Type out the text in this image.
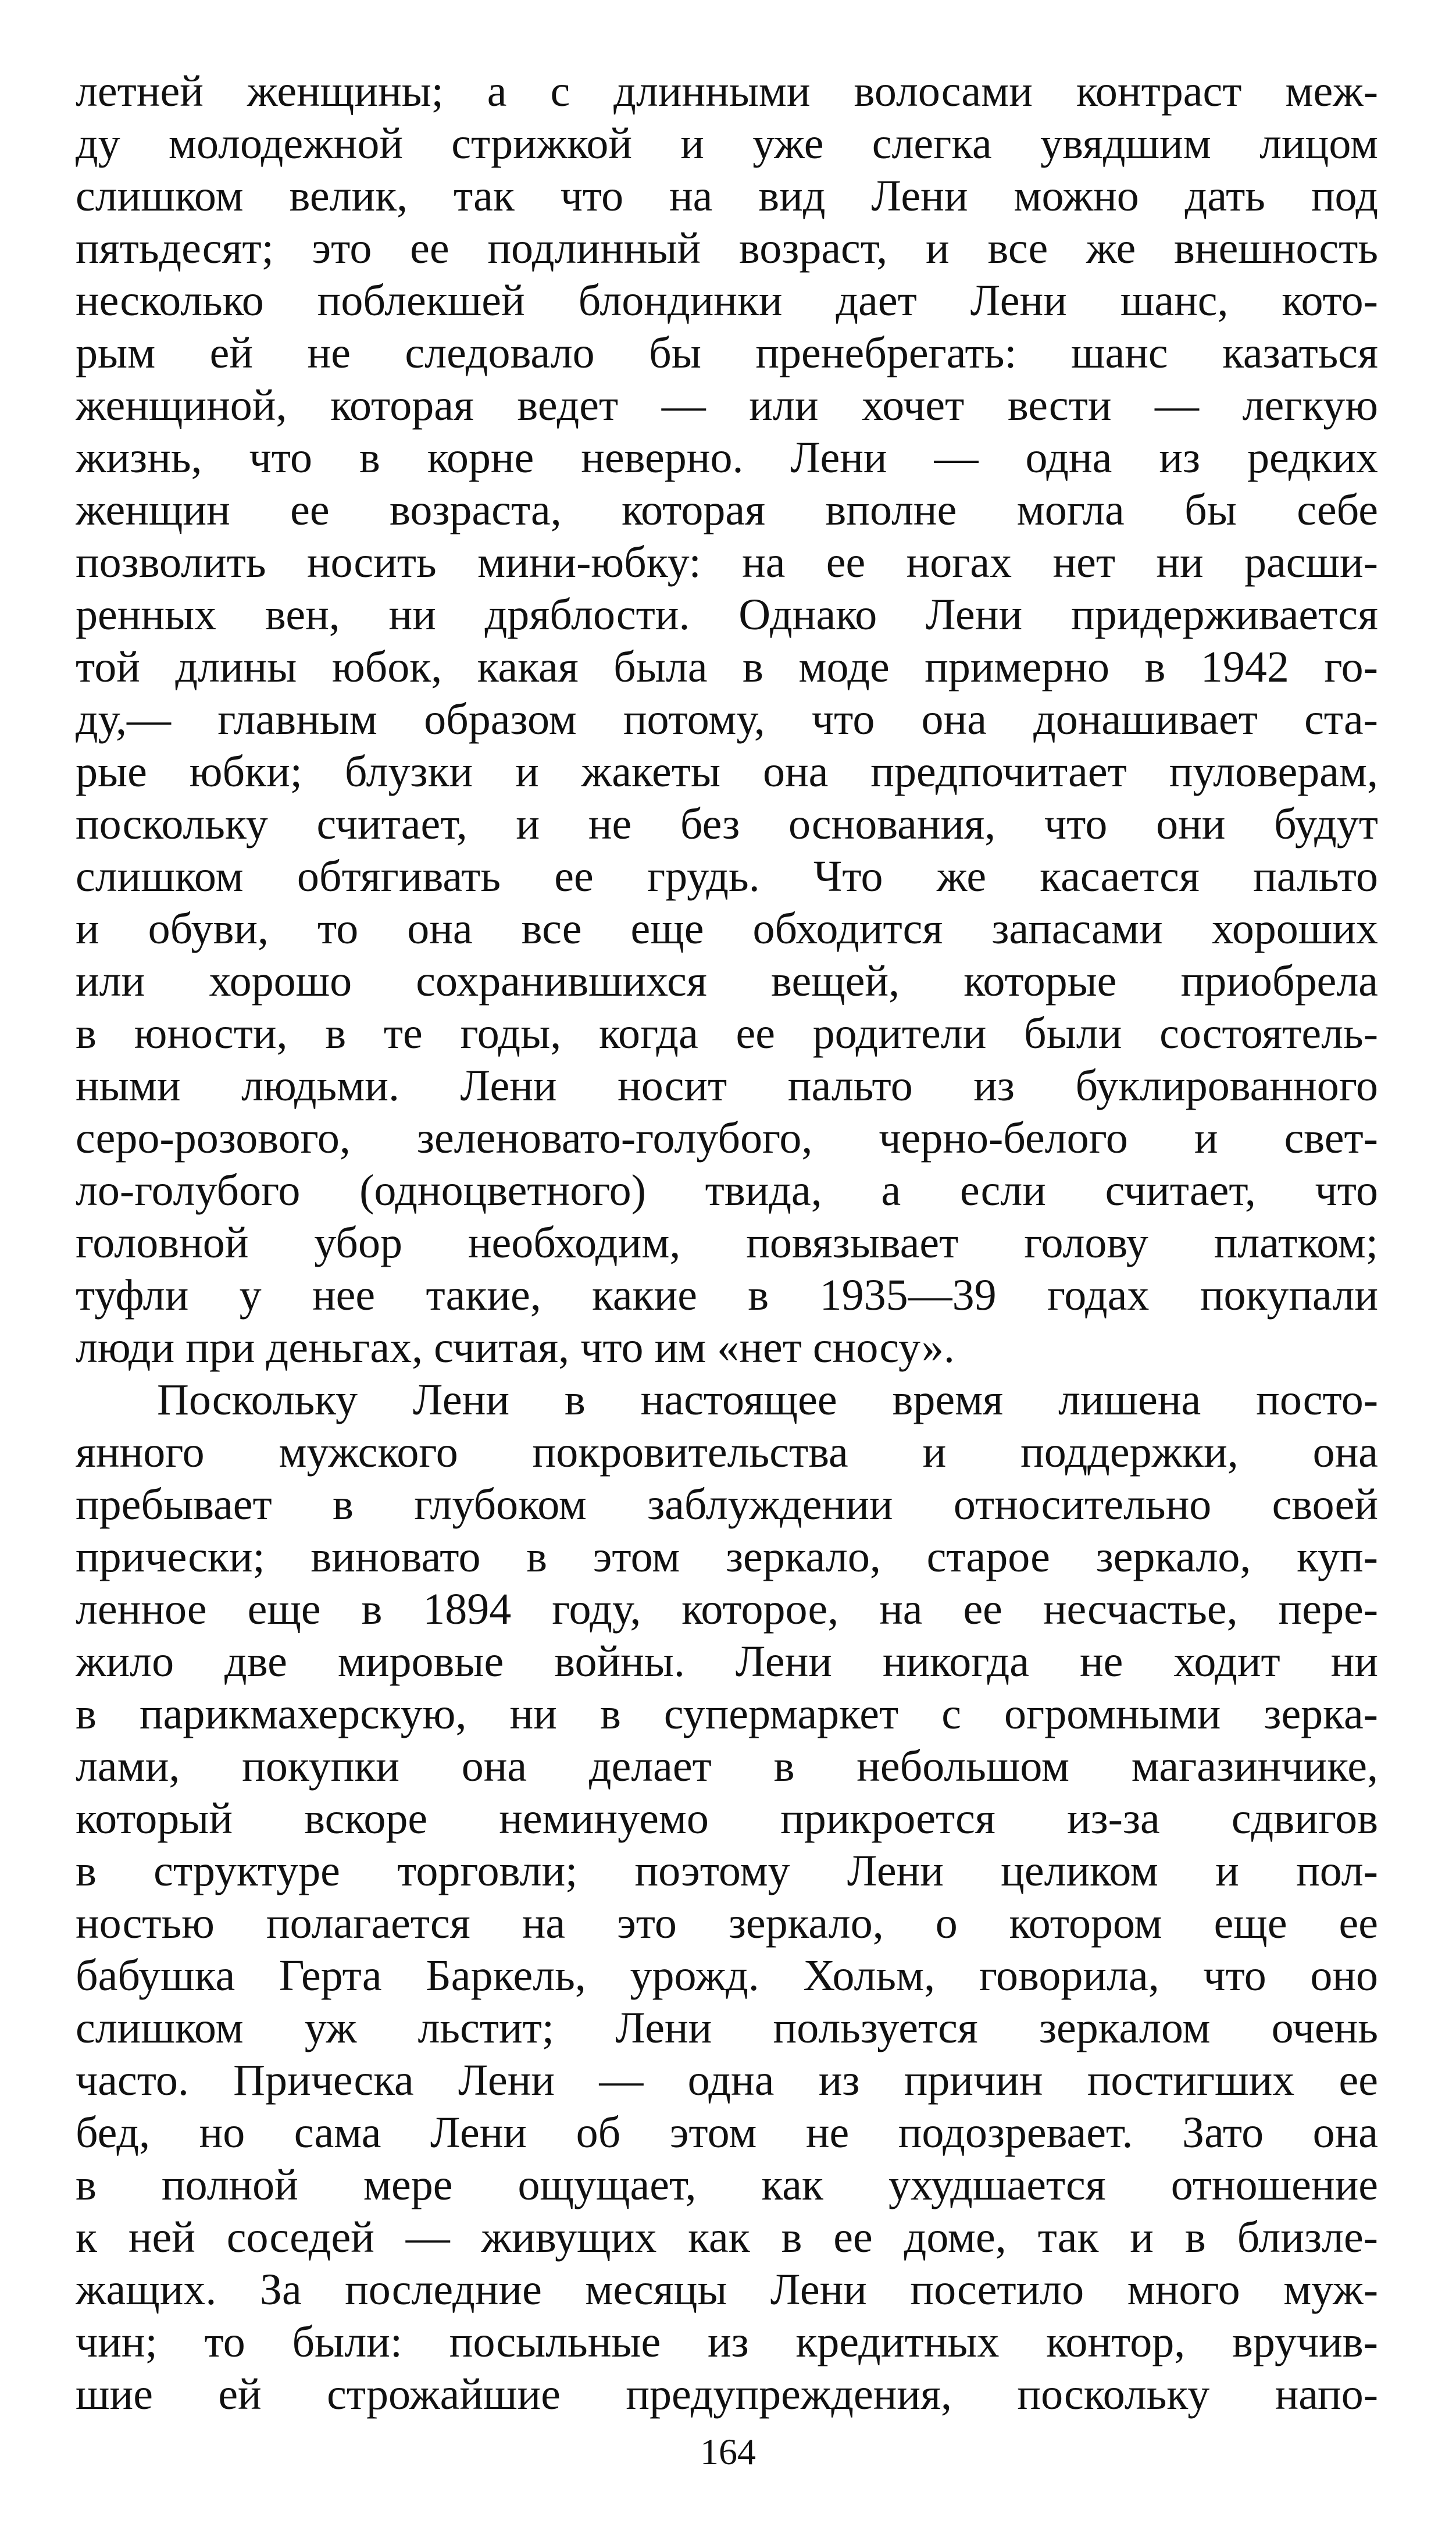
летней женщины; а с длинными волосами контраст меж-
ду молодежной стрижкой и уже слегка увядшим лицом
слишком велик, так что на вид Лени можно дать под
пятьдесят; это ее подлинный возраст, и все же внешность
несколько поблекшей блондинки дает Лени шанс, кото-
рым ей не следовало бы пренебрегать: шанс казаться
женщиной, которая ведет — или хочет вести — легкую
жизнь, что в корне неверно. Лени — одна из редких
женщин ее возраста, которая вполне могла бы себе
позволить носить мини-юбку: на ее ногах нет ни расши-
ренных вен, ни дряблости. Однако Лени придерживается
той длины юбок, какая была в моде примерно в 1942 го-
ду,— главным образом потому, что она донашивает ста-
рые юбки; блузки и жакеты она предпочитает пуловерам,
поскольку считает, и не без основания, что они будут
слишком обтягивать ее грудь. Что же касается пальто
и обуви, то она все еще обходится запасами хороших
или хорошо сохранившихся вещей, которые приобрела
в юности, в те годы, когда ее родители были состоятель-
ными людьми. Лени носит пальто из буклированного
серо-розового, зеленовато-голубого, черно-белого и свет-
ло-голубого (одноцветного) твида, а если считает, что
головной убор необходим, повязывает голову платком;
туфли у нее такие, какие в 1935—39 годах покупали
люди при деньгах, считая, что им «нет сносу».
Поскольку Лени в настоящее время лишена посто-
янного мужского покровительства и поддержки, она
пребывает в глубоком заблуждении относительно своей
прически; виновато в этом зеркало, старое зеркало, куп-
ленное еще в 1894 году, которое, на ее несчастье, пере-
жило две мировые войны. Лени никогда не ходит ни
в парикмахерскую, ни в супермаркет с огромными зерка-
лами, покупки она делает в небольшом магазинчике,
который вскоре неминуемо прикроется из-за сдвигов
в структуре торговли; поэтому Лени целиком и пол-
ностью полагается на это зеркало, о котором еще ее
бабушка Герта Баркель, урожд. Хольм, говорила, что оно
слишком уж льстит; Лени пользуется зеркалом очень
часто. Прическа Лени — одна из причин постигших ее
бед, но сама Лени об этом не подозревает. Зато она
в полной мере ощущает, как ухудшается отношение
к ней соседей — живущих как в ее доме, так и в близле-
жащих. За последние месяцы Лени посетило много муж-
чин; то были: посыльные из кредитных контор, вручив-
шие ей строжайшие предупреждения, поскольку напо-
164
